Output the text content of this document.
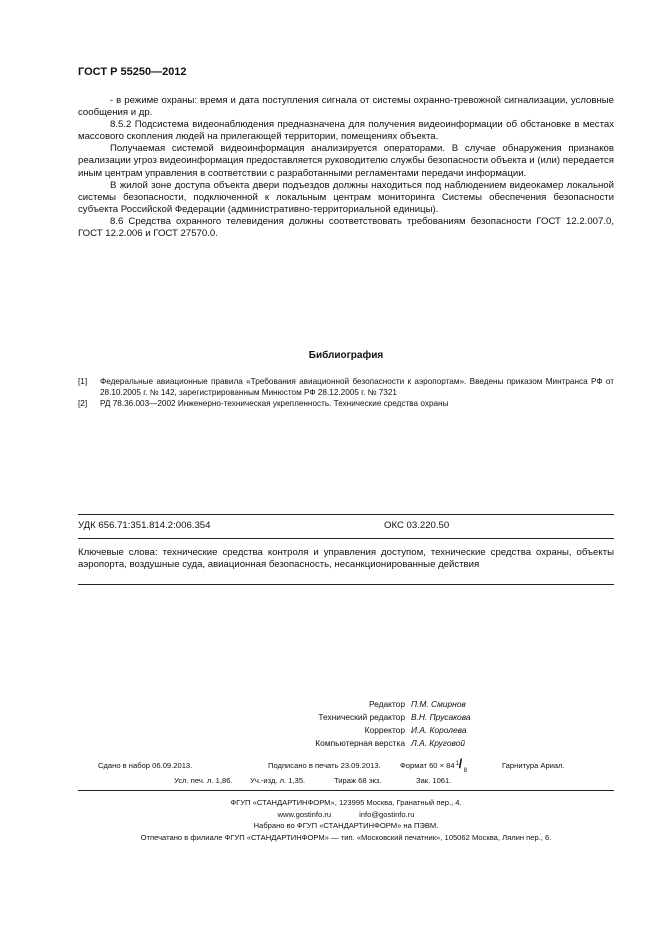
ГОСТ Р 55250—2012

- в режиме охраны: время и дата поступления сигнала от системы охранно-тревожной сигнализации, условные сообщения и др.

8.5.2 Подсистема видеонаблюдения предназначена для получения видеоинформации об обстановке в местах массового скопления людей на прилегающей территории, помещениях объекта.

Получаемая системой видеоинформация анализируется операторами. В случае обнаружения признаков реализации угроз видеоинформация предоставляется руководителю службы безопасности объекта и (или) передается иным центрам управления в соответствии с разработанными регламентами передачи информации.

В жилой зоне доступа объекта двери подъездов должны находиться под наблюдением видеокамер локальной системы безопасности, подключенной к локальным центрам мониторинга Системы обеспечения безопасности субъекта Российской Федерации (административно-территориальной единицы).

8.6 Средства охранного телевидения должны соответствовать требованиям безопасности ГОСТ 12.2.007.0, ГОСТ 12.2.006 и ГОСТ 27570.0.

Библиография
[1]	Федеральные авиационные правила «Требования авиационной безопасности к аэропортам». Введены приказом Минтранса РФ от 28.10.2005 г. № 142, зарегистрированным Минюстом РФ 28.12.2005 г. № 7321
[2]	РД 78.36.003—2002 Инженерно-техническая укрепленность. Технические средства охраны
УДК 656.71:351.814.2:006.354	ОКС 03.220.50
Ключевые слова: технические средства контроля и управления доступом, технические средства охраны, объекты аэропорта, воздушные суда, авиационная безопасность, несанкционированные действия
Редактор П.М. Смирнов
Технический редактор В.Н. Прусакова
Корректор И.А. Королева
Компьютерная верстка Л.А. Круговой
Сдано в набор 06.09.2013.	Подписано в печать 23.09.2013.	Формат 60 × 84 1 / 8
Гарнитура Ариал.
Усл. печ. л. 1,86. Уч.-изд. л. 1,35.	Тираж 68 экз.	Зак. 1061.
ФГУП «СТАНДАРТИНФОРМ», 123995 Москва, Гранатный пер., 4.
www.gostinfo.ru	info@gostinfo.ru
Набрано во ФГУП «СТАНДАРТИНФОРМ» на ПЭВМ.
Отпечатано в филиале ФГУП «СТАНДАРТИНФОРМ» — тип. «Московский печатник», 105062 Москва, Лялин пер., 6.
